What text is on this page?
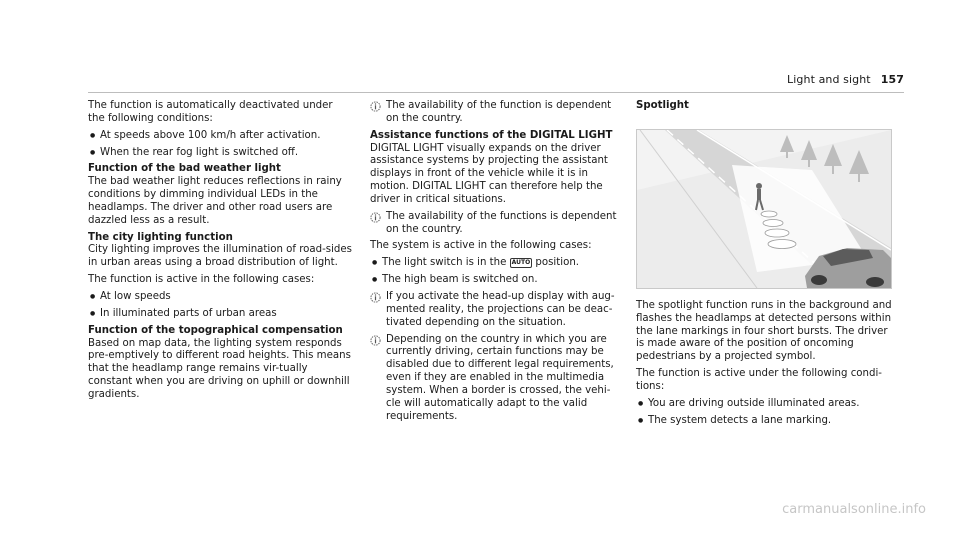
Light and sight 157

The function is automatically deactivated under the following conditions:

● At speeds above 100 km/h after activation.
● When the rear fog light is switched off.

Function of the bad weather light

The bad weather light reduces reflections in rainy conditions by dimming individual LEDs in the headlamps. The driver and other road users are dazzled less as a result.

The city lighting function

City lighting improves the illumination of road-sides in urban areas using a broad distribution of light.

The function is active in the following cases:

● At low speeds
● In illuminated parts of urban areas

Function of the topographical compensation

Based on map data, the lighting system responds pre-emptively to different road heights. This means that the headlamp range remains vir-tually constant when you are driving on uphill or downhill gradients.

The availability of the function is dependent on the country.

Assistance functions of the DIGITAL LIGHT

DIGITAL LIGHT visually expands on the driver assistance systems by projecting the assistant displays in front of the vehicle while it is in motion. DIGITAL LIGHT can therefore help the driver in critical situations.

The availability of the functions is dependent on the country.

The system is active in the following cases:

● The light switch is in the AUTO position.
● The high beam is switched on.
If you activate the head-up display with aug-mented reality, the projections can be deac-tivated depending on the situation.
Depending on the country in which you are currently driving, certain functions may be disabled due to different legal requirements, even if they are enabled in the multimedia system. When a border is crossed, the vehi-cle will automatically adapt to the valid requirements.

Spotlight

The spotlight function runs in the background and flashes the headlamps at detected persons within the lane markings in four short bursts. The driver is made aware of the position of oncoming pedestrians by a projected symbol.

The function is active under the following condi-tions:

● You are driving outside illuminated areas.
● The system detects a lane marking.
carmanualsonline.info
